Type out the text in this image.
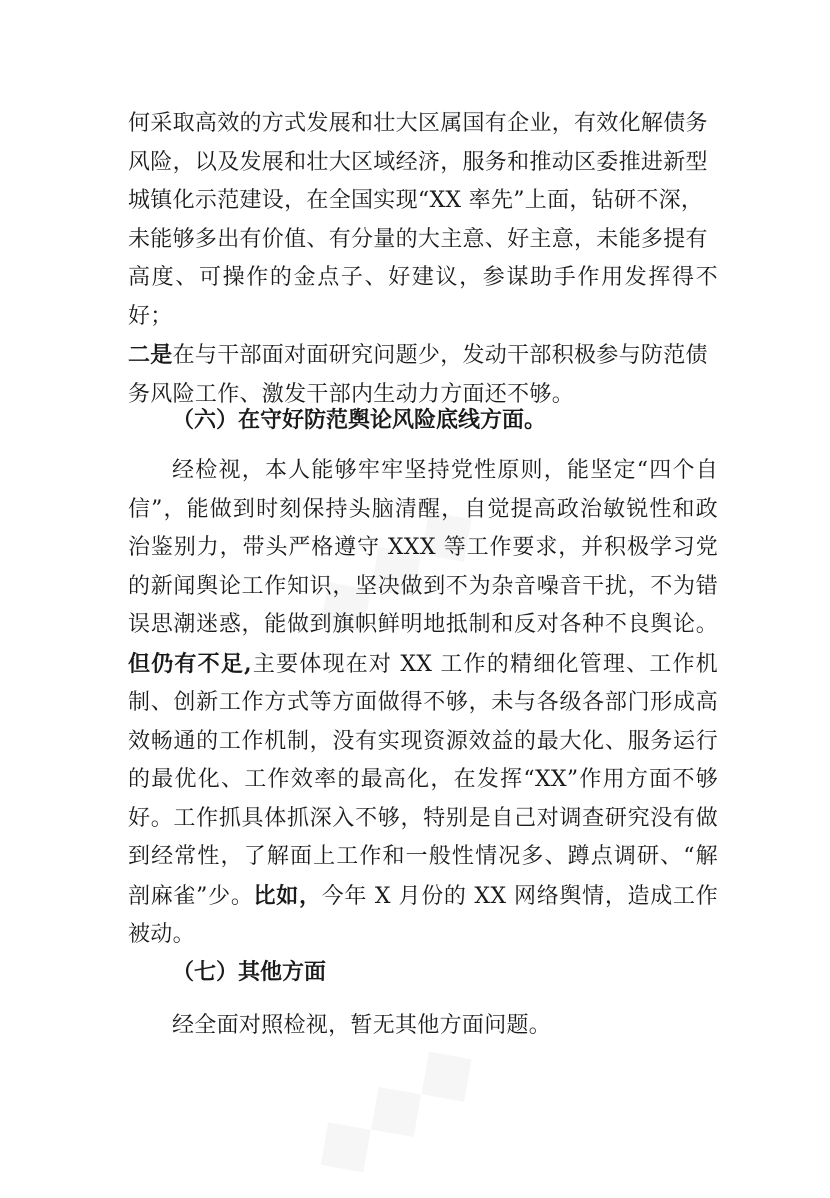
何采取高效的方式发展和壮大区属国有企业，有效化解债务
风险，以及发展和壮大区域经济，服务和推动区委推进新型
城镇化示范建设，在全国实现“XX 率先”上面，钻研不深，
未能够多出有价值、有分量的大主意、好主意，未能多提有
高度、可操作的金点子、好建议，参谋助手作用发挥得不好；
二是在与干部面对面研究问题少，发动干部积极参与防范债
务风险工作、激发干部内生动力方面还不够。

（六）在守好防范舆论风险底线方面。

经检视，本人能够牢牢坚持党性原则，能坚定“四个自信”，能做到时刻保持头脑清醒，自觉提高政治敏锐性和政治鉴别力，带头严格遵守 XXX 等工作要求，并积极学习党的新闻舆论工作知识，坚决做到不为杂音噪音干扰，不为错误思潮迷惑，能做到旗帜鲜明地抵制和反对各种不良舆论。但仍有不足,主要体现在对 XX 工作的精细化管理、工作机制、创新工作方式等方面做得不够，未与各级各部门形成高效畅通的工作机制，没有实现资源效益的最大化、服务运行的最优化、工作效率的最高化，在发挥“XX”作用方面不够好。工作抓具体抓深入不够，特别是自己对调查研究没有做到经常性，了解面上工作和一般性情况多、蹲点调研、“解剖麻雀”少。比如，今年 X 月份的 XX 网络舆情，造成工作被动。

（七）其他方面

经全面对照检视，暂无其他方面问题。
